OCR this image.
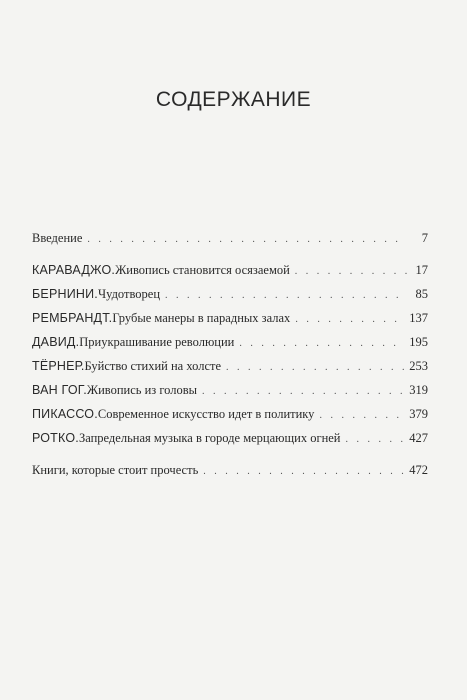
СОДЕРЖАНИЕ
Введение . . .	7
КАРАВАДЖО. Живопись становится осязаемой . . .	17
БЕРНИНИ. Чудотворец . . .	85
РЕМБРАНДТ. Грубые манеры в парадных залах . . .	137
ДАВИД. Приукрашивание революции . . .	195
ТЁРНЕР. Буйство стихий на холсте . . .	253
ВАН ГОГ. Живопись из головы . . .	319
ПИКАССО. Современное искусство идет в политику . . .	379
РОТКО. Запредельная музыка в городе мерцающих огней . . .	427
Книги, которые стоит прочесть . . .	472
